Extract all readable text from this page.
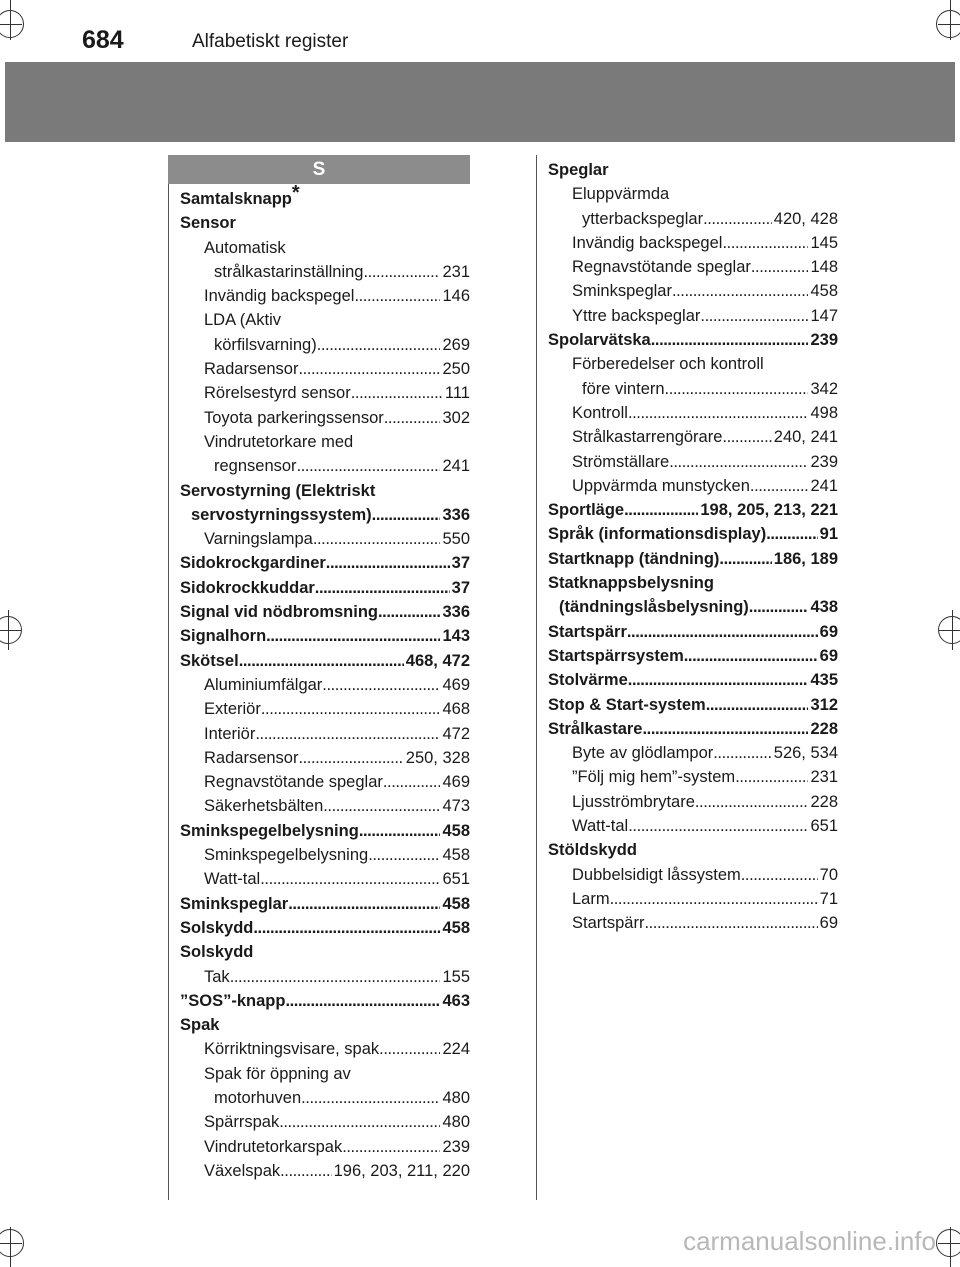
684	Alfabetiskt register
S
Samtalsknapp*
Sensor
Automatisk
strålkastarinställning . . .	231
Invändig backspegel . . .	146
LDA (Aktiv
körfilsvarning) . . .	269
Radarsensor . . .	250
Rörelsestyrd sensor . . .	111
Toyota parkeringssensor . . .	302
Vindrutetorkare med
regnsensor . . .	241
Servostyrning (Elektriskt
servostyrningssystem) . . .	336
Varningslampa . . .	550
Sidokrockgardiner . . .	37
Sidokrockkuddar . . .	37
Signal vid nödbromsning . . .	336
Signalhorn . . .	143
Skötsel . . .	468, 472
Aluminiumfälgar . . .	469
Exteriör . . .	468
Interiör . . .	472
Radarsensor . . .	250, 328
Regnavstötande speglar . . .	469
Säkerhetsbälten . . .	473
Sminkspegelbelysning . . .	458
Sminkspegelbelysning . . .	458
Watt-tal . . .	651
Sminkspeglar . . .	458
Solskydd . . .	458
Solskydd
Tak . . .	155
”SOS”-knapp . . .	463
Spak
Körriktningsvisare, spak . . .	224
Spak för öppning av
motorhuven . . .	480
Spärrspak . . .	480
Vindrutetorkarspak . . .	239
Växelspak . . .	196, 203, 211, 220
Speglar
Eluppvärmda
ytterbackspeglar . . .	420, 428
Invändig backspegel . . .	145
Regnavstötande speglar . . .	148
Sminkspeglar . . .	458
Yttre backspeglar . . .	147
Spolarvätska . . .	239
Förberedelser och kontroll
före vintern . . .	342
Kontroll . . .	498
Strålkastarrengörare . . .	240, 241
Strömställare . . .	239
Uppvärmda munstycken . . .	241
Sportläge . . .	198, 205, 213, 221
Språk (informationsdisplay) . . .	91
Startknapp (tändning) . . .	186, 189
Statknappsbelysning
(tändningslåsbelysning) . . .	438
Startspärr . . .	69
Startspärrsystem . . .	69
Stolvärme . . .	435
Stop & Start-system . . .	312
Strålkastare . . .	228
Byte av glödlampor . . .	526, 534
”Följ mig hem”-system . . .	231
Ljusströmbrytare . . .	228
Watt-tal . . .	651
Stöldskydd
Dubbelsidigt låssystem . . .	70
Larm . . .	71
Startspärr . . .	69
carmanualsonline.info
